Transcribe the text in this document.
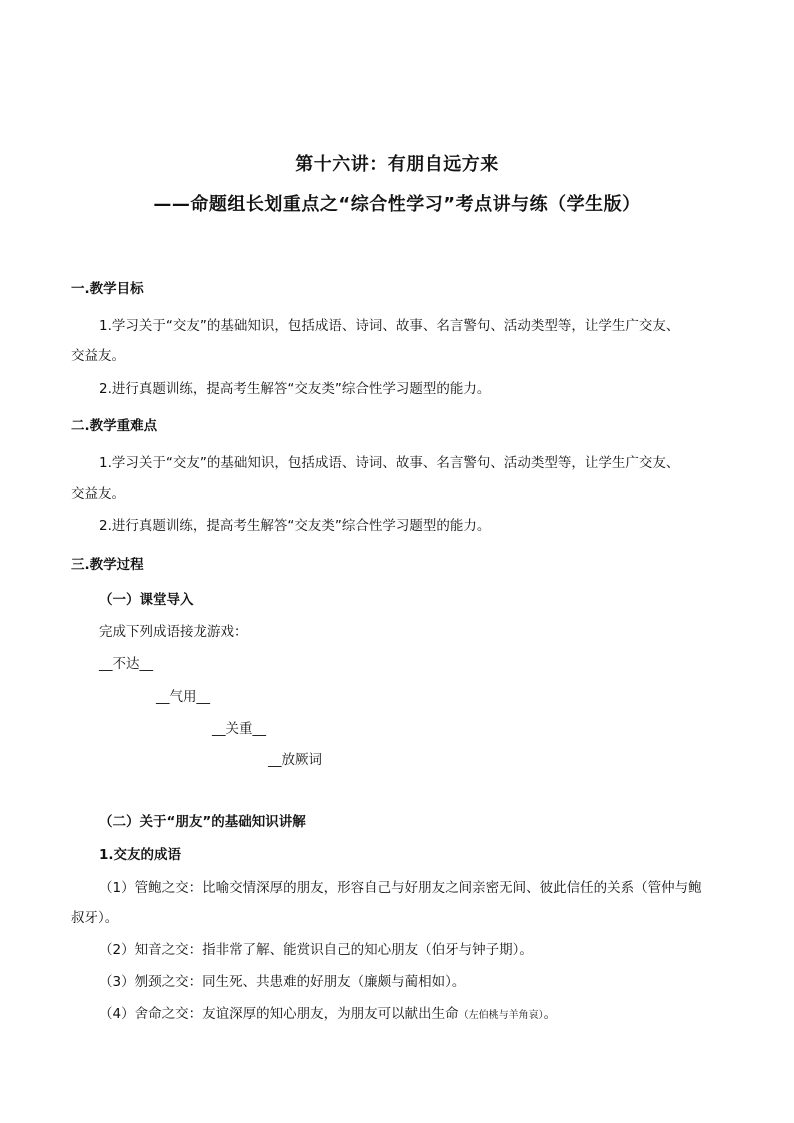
第十六讲：有朋自远方来
——命题组长划重点之“综合性学习”考点讲与练（学生版）
一.教学目标
1.学习关于“交友”的基础知识，包括成语、诗词、故事、名言警句、活动类型等，让学生广交友、
交益友。
2.进行真题训练，提高考生解答“交友类”综合性学习题型的能力。
二.教学重难点
1.学习关于“交友”的基础知识，包括成语、诗词、故事、名言警句、活动类型等，让学生广交友、
交益友。
2.进行真题训练，提高考生解答“交友类”综合性学习题型的能力。
三.教学过程
（一）课堂导入
完成下列成语接龙游戏：
__不达__
__气用__
__关重__
__放厥词
（二）关于“朋友”的基础知识讲解
1.交友的成语
（1）管鲍之交：比喻交情深厚的朋友，形容自己与好朋友之间亲密无间、彼此信任的关系（管仲与鲍
叔牙）。
（2）知音之交：指非常了解、能赏识自己的知心朋友（伯牙与钟子期）。
（3）刎颈之交：同生死、共患难的好朋友（廉颇与蔺相如）。
（4）舍命之交：友谊深厚的知心朋友，为朋友可以献出生命（左伯桃与羊角哀）。
